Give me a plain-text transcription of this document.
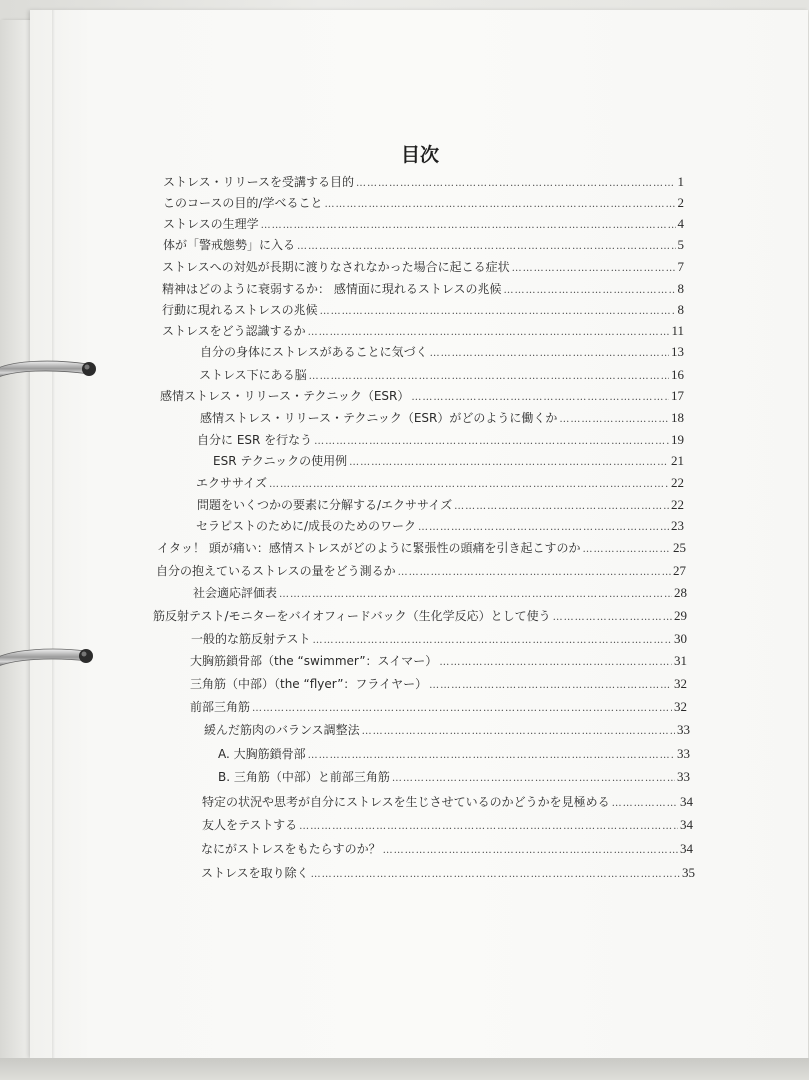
目次
ストレス・リリースを受講する目的 ……………………………………………………………………………………………………………………………………………………………………	1
このコースの目的/学べること ……………………………………………………………………………………………………………………………………………………………………	2
ストレスの生理学 ……………………………………………………………………………………………………………………………………………………………………	4
体が「警戒態勢」に入る ……………………………………………………………………………………………………………………………………………………………………	5
ストレスへの対処が長期に渡りなされなかった場合に起こる症状 ……………………………………………………………………………………………………………………………………………………………………	7
精神はどのように衰弱するか： 感情面に現れるストレスの兆候 ……………………………………………………………………………………………………………………………………………………………………	8
行動に現れるストレスの兆候 ……………………………………………………………………………………………………………………………………………………………………	8
ストレスをどう認識するか ……………………………………………………………………………………………………………………………………………………………………	11
自分の身体にストレスがあることに気づく ……………………………………………………………………………………………………………………………………………………………………	13
ストレス下にある脳 ……………………………………………………………………………………………………………………………………………………………………	16
感情ストレス・リリース・テクニック（ESR） ……………………………………………………………………………………………………………………………………………………………………	17
感情ストレス・リリース・テクニック（ESR）がどのように働くか ……………………………………………………………………………………………………………………………………………………………………	18
自分に ESR を行なう ……………………………………………………………………………………………………………………………………………………………………	19
ESR テクニックの使用例 ……………………………………………………………………………………………………………………………………………………………………	21
エクササイズ ……………………………………………………………………………………………………………………………………………………………………	22
問題をいくつかの要素に分解する/エクササイズ ……………………………………………………………………………………………………………………………………………………………………	22
セラピストのために/成長のためのワーク ……………………………………………………………………………………………………………………………………………………………………	23
イタッ！ 頭が痛い：感情ストレスがどのように緊張性の頭痛を引き起こすのか ……………………………………………………………………………………………………………………………………………………………………	25
自分の抱えているストレスの量をどう測るか ……………………………………………………………………………………………………………………………………………………………………	27
社会適応評価表 ……………………………………………………………………………………………………………………………………………………………………	28
筋反射テスト/モニターをバイオフィードバック（生化学反応）として使う ……………………………………………………………………………………………………………………………………………………………………	29
一般的な筋反射テスト ……………………………………………………………………………………………………………………………………………………………………	30
大胸筋鎖骨部（the “swimmer”：スイマー） ……………………………………………………………………………………………………………………………………………………………………	31
三角筋（中部）（the “flyer”：フライヤー） ……………………………………………………………………………………………………………………………………………………………………	32
前部三角筋 ……………………………………………………………………………………………………………………………………………………………………	32
緩んだ筋肉のバランス調整法 ……………………………………………………………………………………………………………………………………………………………………	33
A. 大胸筋鎖骨部 ……………………………………………………………………………………………………………………………………………………………………	33
B. 三角筋（中部）と前部三角筋 ……………………………………………………………………………………………………………………………………………………………………	33
特定の状況や思考が自分にストレスを生じさせているのかどうかを見極める ……………………………………………………………………………………………………………………………………………………………………	34
友人をテストする ……………………………………………………………………………………………………………………………………………………………………	34
なにがストレスをもたらすのか？ ……………………………………………………………………………………………………………………………………………………………………	34
ストレスを取り除く ……………………………………………………………………………………………………………………………………………………………………	35
